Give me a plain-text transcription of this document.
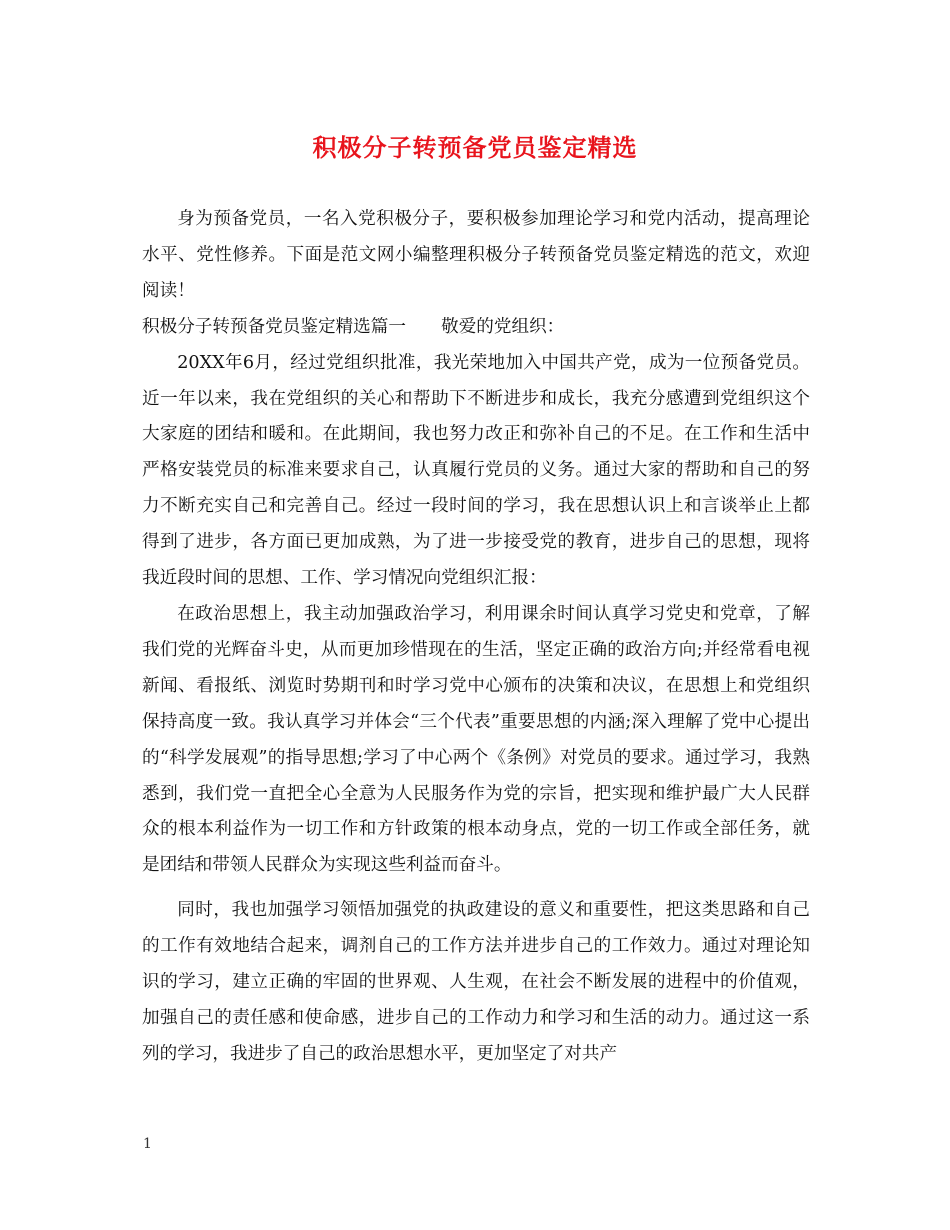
积极分子转预备党员鉴定精选

身为预备党员，一名入党积极分子，要积极参加理论学习和党内活动，提高理论水平、党性修养。下面是范文网小编整理积极分子转预备党员鉴定精选的范文，欢迎阅读！

积极分子转预备党员鉴定精选篇一　　敬爱的党组织：

20XX年6月，经过党组织批准，我光荣地加入中国共产党，成为一位预备党员。近一年以来，我在党组织的关心和帮助下不断进步和成长，我充分感遭到党组织这个大家庭的团结和暖和。在此期间，我也努力改正和弥补自己的不足。在工作和生活中严格安装党员的标准来要求自己，认真履行党员的义务。通过大家的帮助和自己的努力不断充实自己和完善自己。经过一段时间的学习，我在思想认识上和言谈举止上都得到了进步，各方面已更加成熟，为了进一步接受党的教育，进步自己的思想，现将我近段时间的思想、工作、学习情况向党组织汇报：

在政治思想上，我主动加强政治学习，利用课余时间认真学习党史和党章，了解我们党的光辉奋斗史，从而更加珍惜现在的生活，坚定正确的政治方向;并经常看电视新闻、看报纸、浏览时势期刊和时学习党中心颁布的决策和决议，在思想上和党组织保持高度一致。我认真学习并体会“三个代表”重要思想的内涵;深入理解了党中心提出的“科学发展观”的指导思想;学习了中心两个《条例》对党员的要求。通过学习，我熟悉到，我们党一直把全心全意为人民服务作为党的宗旨，把实现和维护最广大人民群众的根本利益作为一切工作和方针政策的根本动身点，党的一切工作或全部任务，就是团结和带领人民群众为实现这些利益而奋斗。

同时，我也加强学习领悟加强党的执政建设的意义和重要性，把这类思路和自己的工作有效地结合起来，调剂自己的工作方法并进步自己的工作效力。通过对理论知识的学习，建立正确的牢固的世界观、人生观，在社会不断发展的进程中的价值观，加强自己的责任感和使命感，进步自己的工作动力和学习和生活的动力。通过这一系列的学习，我进步了自己的政治思想水平，更加坚定了对共产

1
